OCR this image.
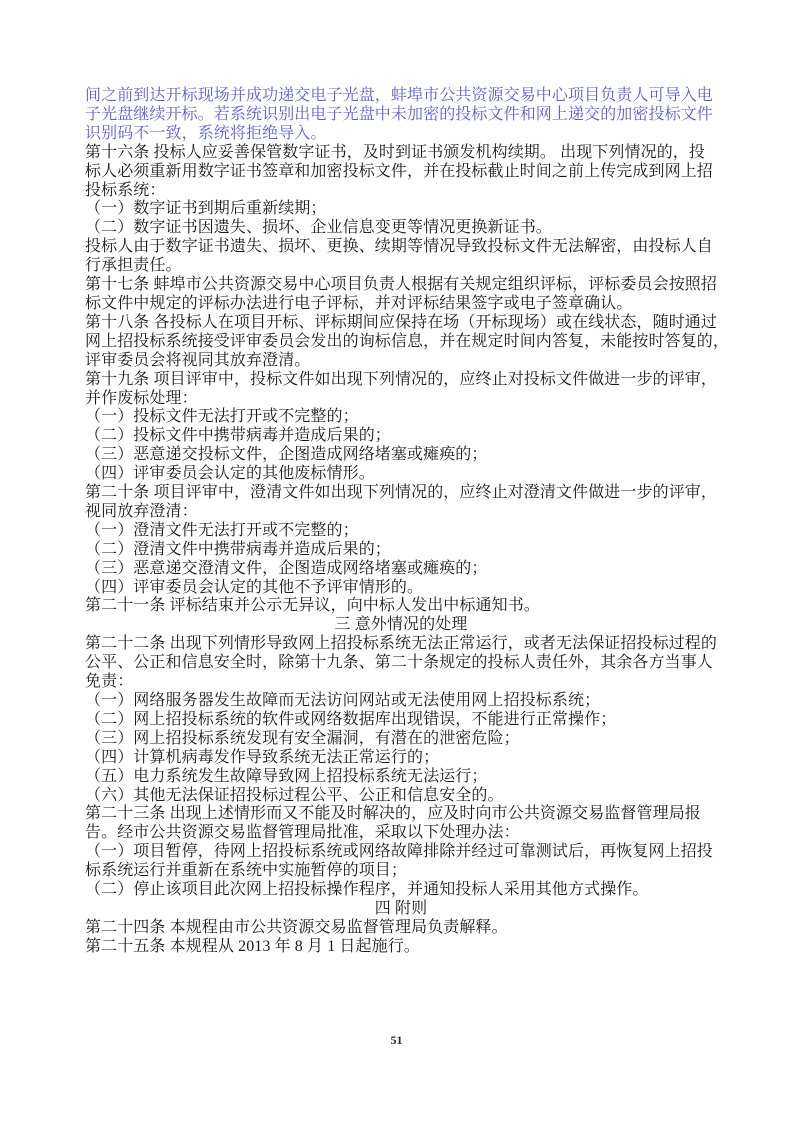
间之前到达开标现场并成功递交电子光盘，蚌埠市公共资源交易中心项目负责人可导入电
子光盘继续开标。若系统识别出电子光盘中未加密的投标文件和网上递交的加密投标文件
识别码不一致，系统将拒绝导入。
第十六条 投标人应妥善保管数字证书，及时到证书颁发机构续期。 出现下列情况的，投
标人必须重新用数字证书签章和加密投标文件，并在投标截止时间之前上传完成到网上招
投标系统：
（一）数字证书到期后重新续期；
（二）数字证书因遗失、损坏、企业信息变更等情况更换新证书。
投标人由于数字证书遗失、损坏、更换、续期等情况导致投标文件无法解密，由投标人自
行承担责任。
第十七条 蚌埠市公共资源交易中心项目负责人根据有关规定组织评标，评标委员会按照招
标文件中规定的评标办法进行电子评标，并对评标结果签字或电子签章确认。
第十八条 各投标人在项目开标、评标期间应保持在场（开标现场）或在线状态，随时通过
网上招投标系统接受评审委员会发出的询标信息，并在规定时间内答复，未能按时答复的，
评审委员会将视同其放弃澄清。
第十九条 项目评审中，投标文件如出现下列情况的，应终止对投标文件做进一步的评审，
并作废标处理：
（一）投标文件无法打开或不完整的；
（二）投标文件中携带病毒并造成后果的；
（三）恶意递交投标文件，企图造成网络堵塞或瘫痪的；
（四）评审委员会认定的其他废标情形。
第二十条 项目评审中，澄清文件如出现下列情况的，应终止对澄清文件做进一步的评审，
视同放弃澄清：
（一）澄清文件无法打开或不完整的；
（二）澄清文件中携带病毒并造成后果的；
（三）恶意递交澄清文件，企图造成网络堵塞或瘫痪的；
（四）评审委员会认定的其他不予评审情形的。
第二十一条 评标结束并公示无异议，向中标人发出中标通知书。
三 意外情况的处理
第二十二条 出现下列情形导致网上招投标系统无法正常运行，或者无法保证招投标过程的
公平、公正和信息安全时，除第十九条、第二十条规定的投标人责任外，其余各方当事人
免责：
（一）网络服务器发生故障而无法访问网站或无法使用网上招投标系统；
（二）网上招投标系统的软件或网络数据库出现错误，不能进行正常操作；
（三）网上招投标系统发现有安全漏洞，有潜在的泄密危险；
（四）计算机病毒发作导致系统无法正常运行的；
（五）电力系统发生故障导致网上招投标系统无法运行；
（六）其他无法保证招投标过程公平、公正和信息安全的。
第二十三条 出现上述情形而又不能及时解决的，应及时向市公共资源交易监督管理局报
告。经市公共资源交易监督管理局批准，采取以下处理办法：
（一）项目暂停，待网上招投标系统或网络故障排除并经过可靠测试后，再恢复网上招投
标系统运行并重新在系统中实施暂停的项目；
（二）停止该项目此次网上招投标操作程序，并通知投标人采用其他方式操作。
四 附则
第二十四条 本规程由市公共资源交易监督管理局负责解释。
第二十五条 本规程从 2013 年 8 月 1 日起施行。
51
